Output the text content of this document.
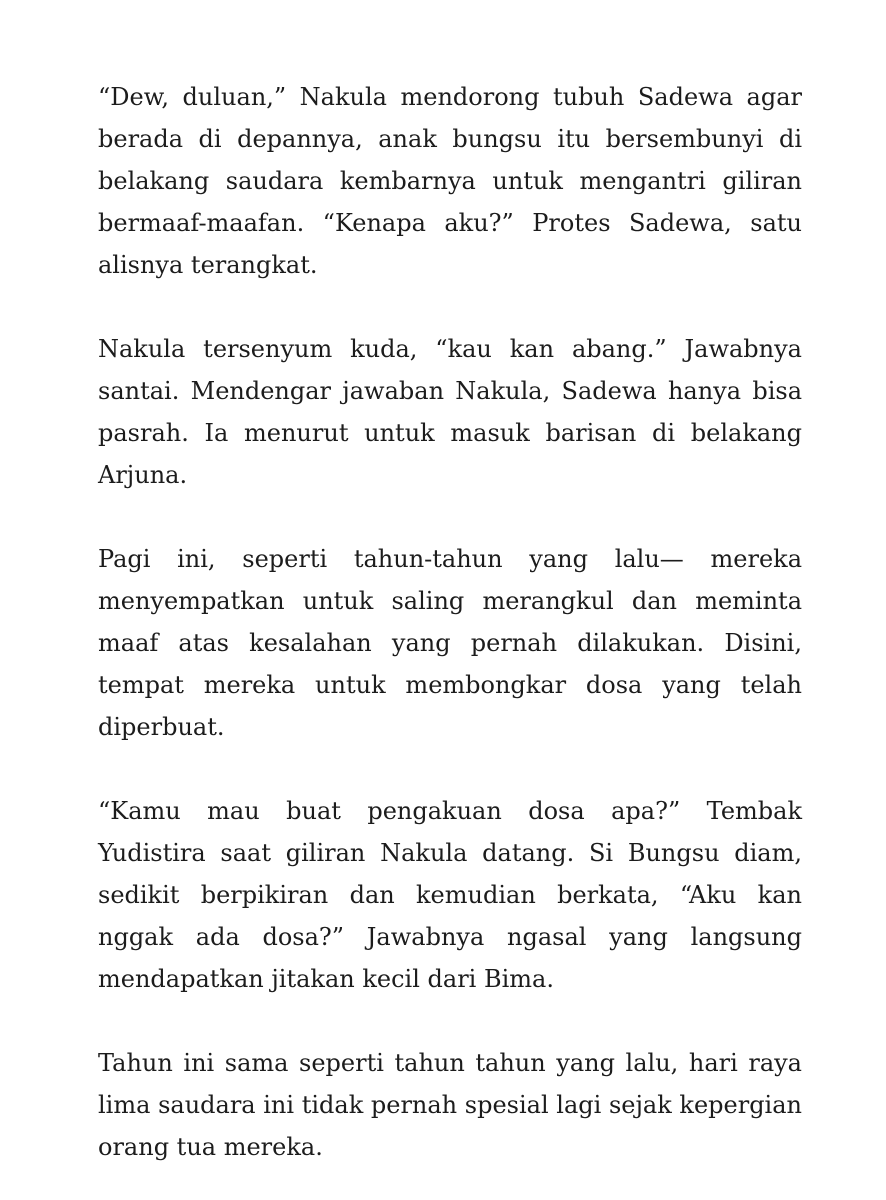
“Dew, duluan,” Nakula mendorong tubuh Sadewa agar berada di depannya, anak bungsu itu bersembunyi di belakang saudara kembarnya untuk mengantri giliran bermaaf-maafan. “Kenapa aku?” Protes Sadewa, satu alisnya terangkat.

Nakula tersenyum kuda, “kau kan abang.” Jawabnya santai. Mendengar jawaban Nakula, Sadewa hanya bisa pasrah. Ia menurut untuk masuk barisan di belakang Arjuna.

Pagi ini, seperti tahun-tahun yang lalu— mereka menyempatkan untuk saling merangkul dan meminta maaf atas kesalahan yang pernah dilakukan. Disini, tempat mereka untuk membongkar dosa yang telah diperbuat.

“Kamu mau buat pengakuan dosa apa?” Tembak Yudistira saat giliran Nakula datang. Si Bungsu diam, sedikit berpikiran dan kemudian berkata, “Aku kan nggak ada dosa?” Jawabnya ngasal yang langsung mendapatkan jitakan kecil dari Bima.

Tahun ini sama seperti tahun tahun yang lalu, hari raya lima saudara ini tidak pernah spesial lagi sejak kepergian orang tua mereka.
